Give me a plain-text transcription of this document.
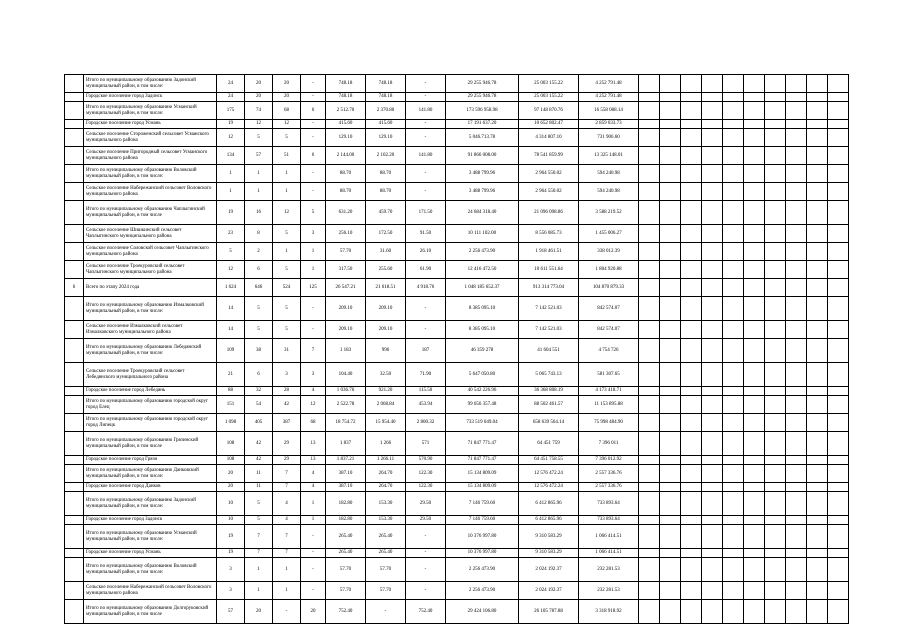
	Итого по муниципальному образованию Задонский муниципальный район, в том числе:	24	20	20	-	748.18	748.18	-	29 255 946.78	25 003 155.22	4 252 791.48										
	Городское поселение город Задонск	24	20	20	-	748.18	748.18	-	29 255 946.78	25 003 155.22	4 252 791.48										
	Итого по муниципальному образованию Усманский муниципальный район, в том числе:	175	74	68	6	2 512.70	2 370.80	141.80	173 596 958.98	97 148 870.76	16 558 088.14										
	Городское поселение город Усмань	19	12	12	-	415.60	415.60	-	17 191 637.20	10 652 802.47	2 859 033.73										
	Сельское поселение Стороженский сельсовет Усманского муниципального района	12	5	5	-	129.10	129.10	-	5 046.713.78	4 314 807.10	731 906.60										
	Сельское поселение Пригородный сельсовет Усманского муниципального района	134	57	51	6	2 144.00	2 102.20	141.80	91 866 008.00	78 541 859.99	13 325 148.01										
	Итого по муниципальному образованию Воловский муниципальный район, в том числе:	1	1	1	-	88.70	88.70	-	3 488 799.96	2 964 550.02	594 240.98										
	Сельское поселение Набережанский сельсовет Воловского муниципального района	1	1	1	-	88.70	88.70	-	3 488 799.96	2 964 550.02	594 240.98										
	Итого по муниципальному образованию Чаплыгинский муниципальный район, в том числе	19	16	12	5	631.20	459.70	171.50	24 684 318.40	21 096 098.86	3 588 219.52										
	Сельское поселение Шишкинский сельсовет Чаплыгинского муниципального района	23	8	5	3	256.10	172.50	91.50	10 111 102.00	8 556 085.73	1 455 006.27										
	Сельское поселение Соловской сельсовет Чаплыгинского муниципального района	5	2	1	1	57.70	31.60	26.10	2 256 473.90	1 918 461.51	338 012.39										
	Сельское поселение Троекуровский сельсовет Чаплыгинского муниципального района	12	6	5	1	317.50	255.60	61.90	12 416 472.50	10 611 551.64	1 804 920.88										
6	Всего по этапу 2024 года	1 624	646	524	125	26 547.21	21 618.51	4 918.76	1 048 185 652.37	913 314 773.04	104 870 879.33										
	Итого по муниципальному образованию Измалковский муниципальный район, в том числе:	14	5	5	-	209.10	209.10	-	8 385 095.10	7 142 521.03	842 574.07										
	Сельское поселение Измалковский сельсовет Измалковского муниципального района	14	5	5	-	209.10	209.10	-	8 385 095.10	7 142 521.03	842 574.07										
	Итого по муниципальному образованию Лебедянский муниципальный район, в том числе:	109	38	31	7	1 183	996	187	46 359 278	41 604 551	4 754 726										
	Сельское поселение Троекуровский сельсовет Лебедянского муниципального района	21	6	3	3	104.40	32.50	71.90	5 647 050.80	5 065 743.13	581 307.65										
	Городское поселение город Лебедянь	88	32	28	4	1 036.76	921.20	115.50	40 542 226.96	36 368 808.19	4 173 418.71										
	Итого по муниципальному образованию городской округ город Елец	151	54	42	12	2 522.78	2 068.84	453.94	99 656 357.48	88 502 461.57	11 153 895.88										
	Итого по муниципальному образованию городской округ город Липецк	1 098	405	387	68	18 754.72	15 954.40	2 800.32	733 519 049.04	658 639 564.14	75 998 484.90										
	Итого по муниципальному образованию Грязинский муниципальный район, в том числе	108	42	29	13	1 837	1 266	571	71 847 771.47	64 451 759	7 396 011										
	Городское поселение город Грязи	108	42	29	13	1 837.21	1 266.11	570.90	71 847 771.47	64 451 758.55	7 396 012.92										
	Итого по муниципальному образованию Данковский муниципальный район, в том числе:	20	11	7	4	387.10	264.70	122.30	15 134 809.09	12 576 472.24	2 557 336.76										
	Городское поселение город Данков	20	11	7	4	387.10	264.70	122.30	15 134 809.09	12 576 472.24	2 557 336.76										
	Итого по муниципальному образованию Задонский муниципальный район, в том числе:	10	5	4	1	182.80	153.30	29.50	7 146 759.60	6 412 865.96	733 893.64										
	Городское поселение город Задонск	10	5	4	1	182.80	153.30	29.50	7 146 759.60	6 412 865.96	733 893.64										
	Итого по муниципальному образованию Усманский муниципальный район, в том числе:	19	7	7	-	265.40	265.40	-	10 376 997.80	9 310 583.29	1 066 414.51										
	Городское поселение город Усмань	19	7	7	-	265.40	265.40	-	10 376 997.80	9 310 583.29	1 066 414.51										
	Итого по муниципальному образованию Воловский муниципальный район, в том числе:	3	1	1	-	57.70	57.70	-	2 256 473.90	2 024 192.37	232 281.53										
	Сельское поселение Набережанский сельсовет Воловского муниципального района	3	1	1	-	57.70	57.70	-	2 256 473.90	2 024 192.37	232 281.53										
	Итого по муниципальному образованию Долгоруковский муниципальный район, в том числе	57	20	-	20	752.40	-	752.40	29 424 106.80	26 105 787.88	3 318 918.92										
